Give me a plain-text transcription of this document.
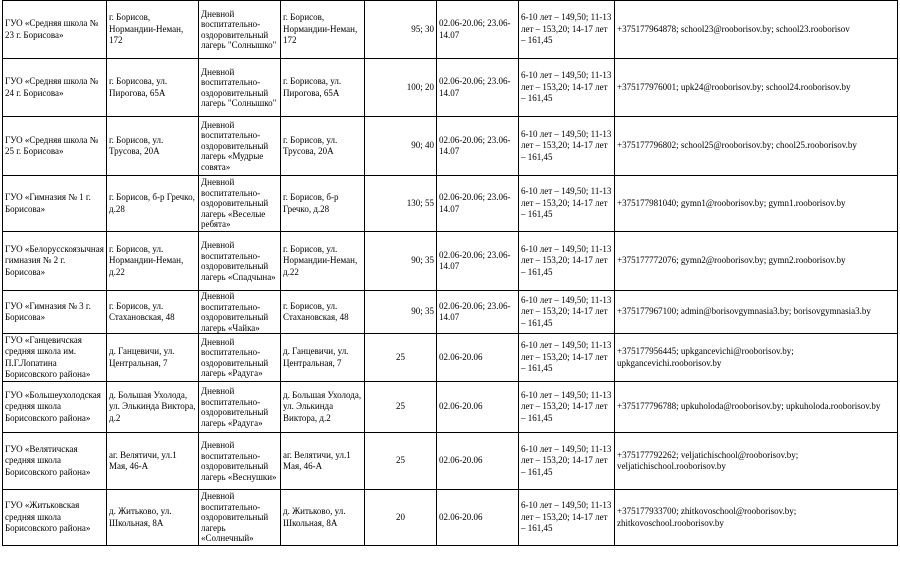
ГУО «Средняя школа № 23 г. Борисова»	г. Борисов, Нормандии-Неман, 172	Дневной воспитательно-оздоровительный лагерь "Солнышко"	г. Борисов, Нормандии-Неман, 172	95; 30	02.06-20.06; 23.06-14.07	6-10 лет – 149,50; 11-13 лет – 153,20; 14-17 лет – 161,45	+375177964878; school23@rooborisov.by; school23.rooborisov
ГУО «Средняя школа № 24 г. Борисова»	г. Борисова, ул. Пирогова, 65А	Дневной воспитательно-оздоровительный лагерь "Солнышко"	г. Борисова, ул. Пирогова, 65А	100; 20	02.06-20.06; 23.06-14.07	6-10 лет – 149,50; 11-13 лет – 153,20; 14-17 лет – 161,45	+375177976001; upk24@rooborisov.by; school24.rooborisov.by
ГУО «Средняя школа № 25 г. Борисова»	г. Борисов, ул. Трусова, 20А	Дневной воспитательно-оздоровительный лагерь «Мудрые совята»	г. Борисов, ул. Трусова, 20А	90; 40	02.06-20.06; 23.06-14.07	6-10 лет – 149,50; 11-13 лет – 153,20; 14-17 лет – 161,45	+375177796802; school25@rooborisov.by; chool25.rooborisov.by
ГУО «Гимназия № 1 г. Борисова»	г. Борисов, б-р Гречко, д.28	Дневной воспитательно-оздоровительный лагерь «Веселые ребята»	г. Борисов, б-р Гречко, д.28	130; 55	02.06-20.06; 23.06-14.07	6-10 лет – 149,50; 11-13 лет – 153,20; 14-17 лет – 161,45	+375177981040; gymn1@rooborisov.by; gymn1.rooborisov.by
ГУО «Белорусскоязычная гимназия № 2 г. Борисова»	г. Борисов, ул. Нормандии-Неман, д.22	Дневной воспитательно-оздоровительный лагерь «Спадчына»	г. Борисов, ул. Нормандии-Неман, д.22	90; 35	02.06-20.06; 23.06-14.07	6-10 лет – 149,50; 11-13 лет – 153,20; 14-17 лет – 161,45	+375177772076; gymn2@rooborisov.by; gymn2.rooborisov.by
ГУО «Гимназия № 3 г. Борисова»	г. Борисов, ул. Стахановская, 48	Дневной воспитательно-оздоровительный лагерь «Чайка»	г. Борисов, ул. Стахановская, 48	90; 35	02.06-20.06; 23.06-14.07	6-10 лет – 149,50; 11-13 лет – 153,20; 14-17 лет – 161,45	+375177967100; admin@borisovgymnasia3.by; borisovgymnasia3.by
ГУО «Ганцевичская средняя школа им. П.Г.Лопатина Борисовского района»	д. Ганцевичи, ул. Центральная, 7	Дневной воспитательно-оздоровительный лагерь «Радуга»	д. Ганцевичи, ул. Центральная, 7	25	02.06-20.06	6-10 лет – 149,50; 11-13 лет – 153,20; 14-17 лет – 161,45	+375177956445; upkgancevichi@rooborisov.by; upkgancevichi.rooborisov.by
ГУО «Большеухолодская средняя школа Борисовского района»	д. Большая Ухолода, ул. Элькинда Виктора, д.2	Дневной воспитательно-оздоровительный лагерь «Радуга»	д. Большая Ухолода, ул. Элькинда Виктора, д.2	25	02.06-20.06	6-10 лет – 149,50; 11-13 лет – 153,20; 14-17 лет – 161,45	+375177796788; upkuholoda@rooborisov.by; upkuholoda.rooborisov.by
ГУО «Велятичская средняя школа Борисовского района»	аг. Велятичи, ул.1 Мая, 46-А	Дневной воспитательно-оздоровительный лагерь «Веснушки»	аг. Велятичи, ул.1 Мая, 46-А	25	02.06-20.06	6-10 лет – 149,50; 11-13 лет – 153,20; 14-17 лет – 161,45	+375177792262; veljatichischool@rooborisov.by; veljatichischool.rooborisov.by
ГУО «Житьковская средняя школа Борисовского района»	д. Житьково, ул. Школьная, 8А	Дневной воспитательно-оздоровительный лагерь «Солнечный»	д. Житьково, ул. Школьная, 8А	20	02.06-20.06	6-10 лет – 149,50; 11-13 лет – 153,20; 14-17 лет – 161,45	+375177933700; zhitkovoschool@rooborisov.by; zhitkovoschool.rooborisov.by
